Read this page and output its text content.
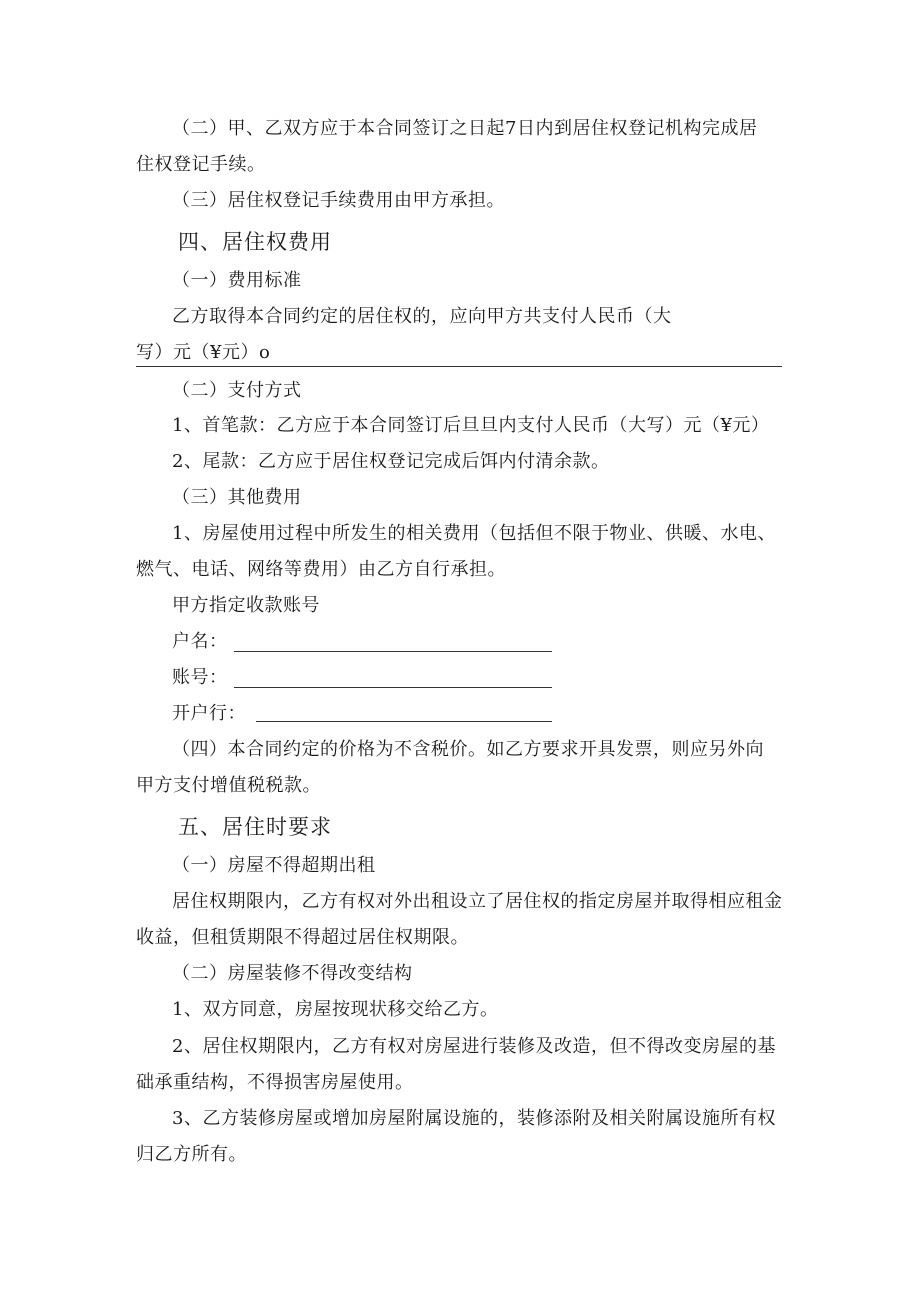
（二）甲、乙双方应于本合同签订之日起7日内到居住权登记机构完成居
住权登记手续。
（三）居住权登记手续费用由甲方承担。
四、居住权费用
（一）费用标准
乙方取得本合同约定的居住权的，应向甲方共支付人民币（大
写）元（¥元）o
（二）支付方式
1、首笔款：乙方应于本合同签订后旦旦内支付人民币（大写）元（¥元）
2、尾款：乙方应于居住权登记完成后饵内付清余款。
（三）其他费用
1、房屋使用过程中所发生的相关费用（包括但不限于物业、供暖、水电、
燃气、电话、网络等费用）由乙方自行承担。
甲方指定收款账号
户名：
账号：
开户行：
（四）本合同约定的价格为不含税价。如乙方要求开具发票，则应另外向
甲方支付增值税税款。
五、居住时要求
（一）房屋不得超期出租
居住权期限内，乙方有权对外出租设立了居住权的指定房屋并取得相应租金
收益，但租赁期限不得超过居住权期限。
（二）房屋装修不得改变结构
1、双方同意，房屋按现状移交给乙方。
2、居住权期限内，乙方有权对房屋进行装修及改造，但不得改变房屋的基
础承重结构，不得损害房屋使用。
3、乙方装修房屋或增加房屋附属设施的，装修添附及相关附属设施所有权
归乙方所有。
